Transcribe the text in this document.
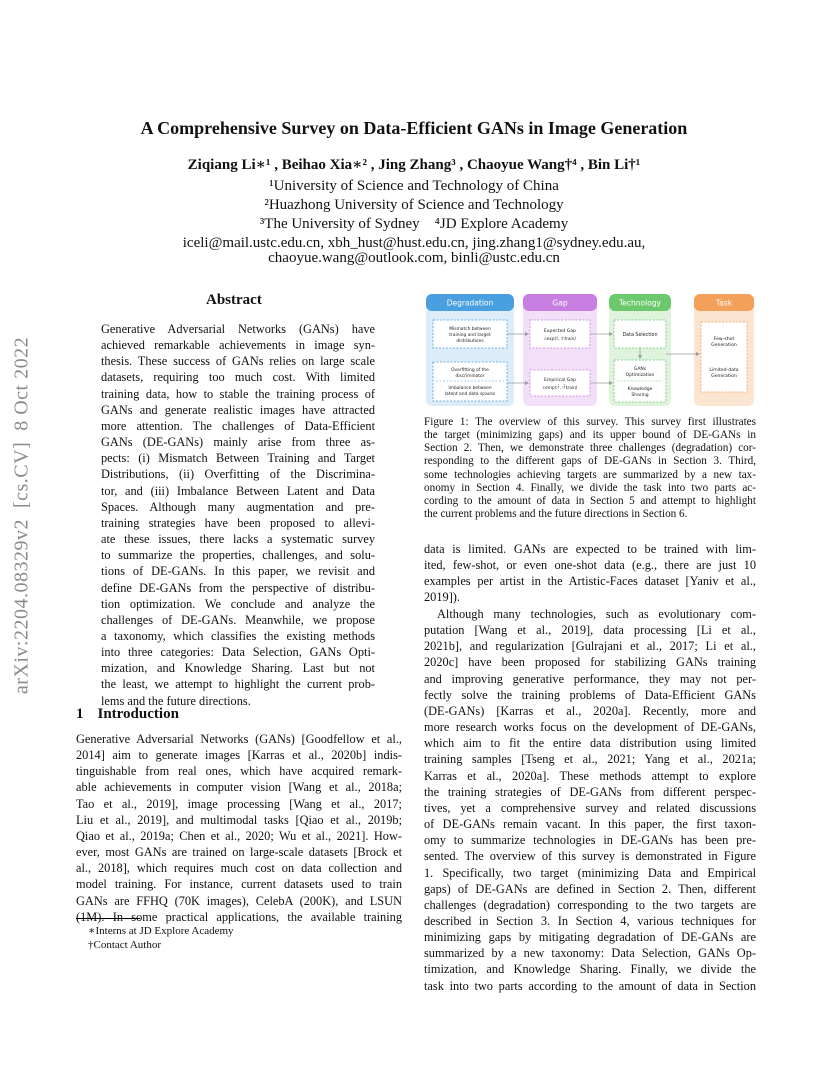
A Comprehensive Survey on Data-Efficient GANs in Image Generation
Ziqiang Li∗¹ , Beihao Xia∗² , Jing Zhang³ , Chaoyue Wang†⁴ , Bin Li†¹
¹University of Science and Technology of China
²Huazhong University of Science and Technology
³The University of Sydney    ⁴JD Explore Academy
iceli@mail.ustc.edu.cn, xbh_hust@hust.edu.cn, jing.zhang1@sydney.edu.au,
chaoyue.wang@outlook.com, binli@ustc.edu.cn
arXiv:2204.08329v2  [cs.CV]  8 Oct 2022
Abstract
Generative Adversarial Networks (GANs) have
achieved remarkable achievements in image syn-
thesis. These success of GANs relies on large scale
datasets, requiring too much cost. With limited
training data, how to stable the training process of
GANs and generate realistic images have attracted
more attention. The challenges of Data-Efficient
GANs (DE-GANs) mainly arise from three as-
pects: (i) Mismatch Between Training and Target
Distributions, (ii) Overfitting of the Discrimina-
tor, and (iii) Imbalance Between Latent and Data
Spaces. Although many augmentation and pre-
training strategies have been proposed to allevi-
ate these issues, there lacks a systematic survey
to summarize the properties, challenges, and solu-
tions of DE-GANs. In this paper, we revisit and
define DE-GANs from the perspective of distribu-
tion optimization. We conclude and analyze the
challenges of DE-GANs. Meanwhile, we propose
a taxonomy, which classifies the existing methods
into three categories: Data Selection, GANs Opti-
mization, and Knowledge Sharing. Last but not
the least, we attempt to highlight the current prob-
lems and the future directions.
1 Introduction
Generative Adversarial Networks (GANs) [Goodfellow et al.,
2014] aim to generate images [Karras et al., 2020b] indis-
tinguishable from real ones, which have acquired remark-
able achievements in computer vision [Wang et al., 2018a;
Tao et al., 2019], image processing [Wang et al., 2017;
Liu et al., 2019], and multimodal tasks [Qiao et al., 2019b;
Qiao et al., 2019a; Chen et al., 2020; Wu et al., 2021]. How-
ever, most GANs are trained on large-scale datasets [Brock et
al., 2018], which requires much cost on data collection and
model training. For instance, current datasets used to train
GANs are FFHQ (70K images), CelebA (200K), and LSUN
(1M). In some practical applications, the available training
∗Interns at JD Explore Academy
†Contact Author
Degradation	Gap	Technology	Task
Mismatch between training and target distributions
Overfitting of the discriminator
Imbalance between latent and data spaces
Expected Gap
ℰexp(ℐ, ℱtrain)
Empirical Gap
ℰemp(ℱ̂, ℱ̂train)
Data Selection
GANs Optimization
Knowledge Sharing
Few-shot Generation
Limited-data Generation
Figure 1: The overview of this survey. This survey first illustrates
the target (minimizing gaps) and its upper bound of DE-GANs in
Section 2. Then, we demonstrate three challenges (degradation) cor-
responding to the different gaps of DE-GANs in Section 3. Third,
some technologies achieving targets are summarized by a new tax-
onomy in Section 4. Finally, we divide the task into two parts ac-
cording to the amount of data in Section 5 and attempt to highlight
the current problems and the future directions in Section 6.
data is limited. GANs are expected to be trained with lim-
ited, few-shot, or even one-shot data (e.g., there are just 10
examples per artist in the Artistic-Faces dataset [Yaniv et al.,
2019]).
Although many technologies, such as evolutionary com-
putation [Wang et al., 2019], data processing [Li et al.,
2021b], and regularization [Gulrajani et al., 2017; Li et al.,
2020c] have been proposed for stabilizing GANs training
and improving generative performance, they may not per-
fectly solve the training problems of Data-Efficient GANs
(DE-GANs) [Karras et al., 2020a]. Recently, more and
more research works focus on the development of DE-GANs,
which aim to fit the entire data distribution using limited
training samples [Tseng et al., 2021; Yang et al., 2021a;
Karras et al., 2020a]. These methods attempt to explore
the training strategies of DE-GANs from different perspec-
tives, yet a comprehensive survey and related discussions
of DE-GANs remain vacant. In this paper, the first taxon-
omy to summarize technologies in DE-GANs has been pre-
sented. The overview of this survey is demonstrated in Figure
1. Specifically, two target (minimizing Data and Empirical
gaps) of DE-GANs are defined in Section 2. Then, different
challenges (degradation) corresponding to the two targets are
described in Section 3. In Section 4, various techniques for
minimizing gaps by mitigating degradation of DE-GANs are
summarized by a new taxonomy: Data Selection, GANs Op-
timization, and Knowledge Sharing. Finally, we divide the
task into two parts according to the amount of data in Section
